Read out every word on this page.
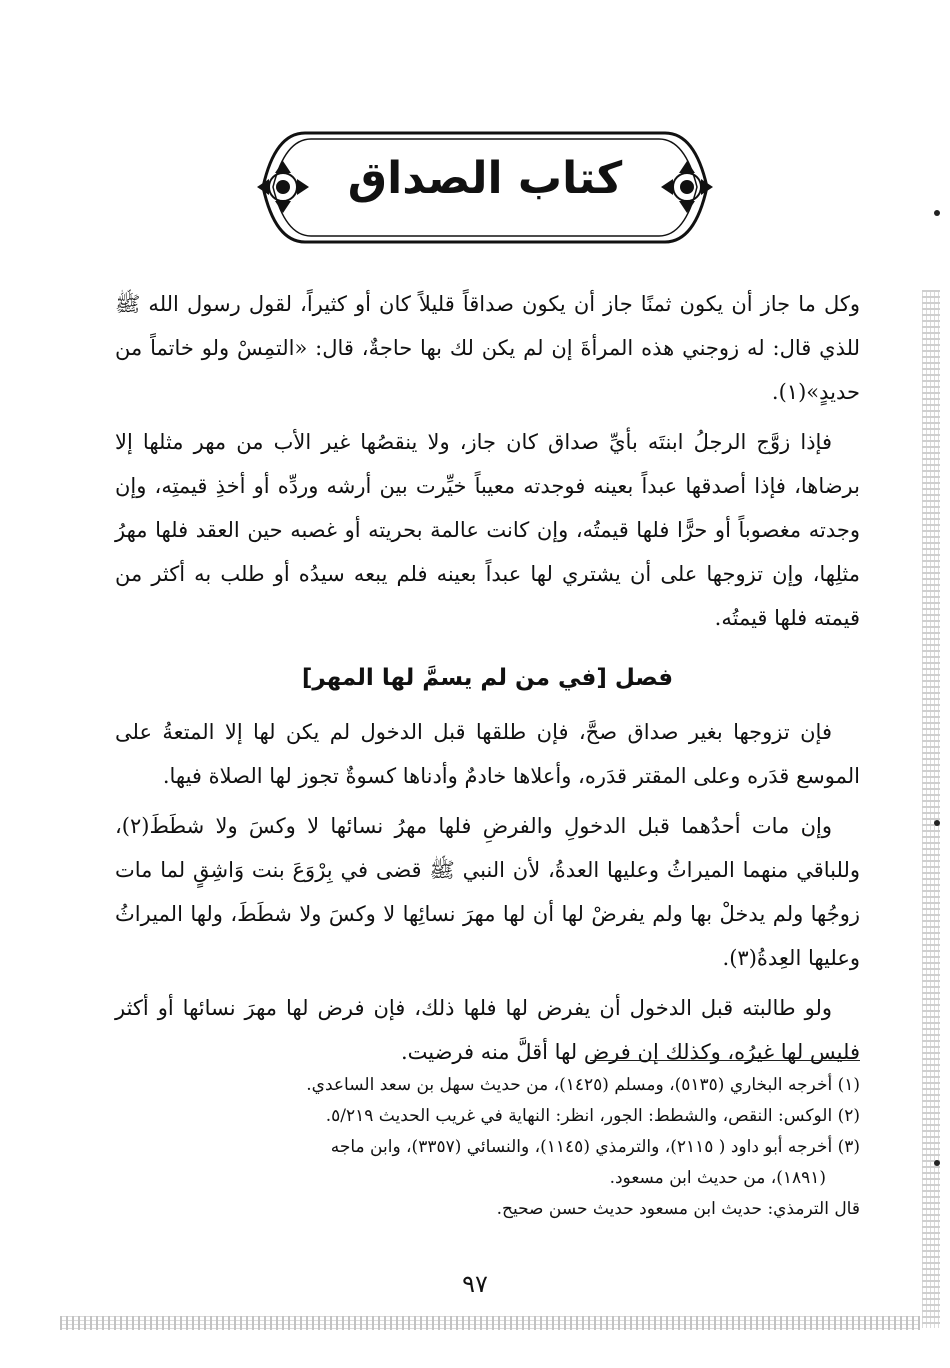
كتاب الصداق

وكل ما جاز أن يكون ثمنًا جاز أن يكون صداقاً قليلاً كان أو كثيراً، لقول رسول الله ﷺ للذي قال: له زوجني هذه المرأةَ إن لم يكن لك بها حاجةٌ، قال: «التمِسْ ولو خاتماً من حديدٍ»(١).

فإذا زوَّج الرجلُ ابنتَه بأيِّ صداق كان جاز، ولا ينقصُها غير الأب من مهر مثلها إلا برضاها، فإذا أصدقها عبداً بعينه فوجدته معيباً خيِّرت بين أرشه وردِّه أو أخذِ قيمتِه، وإن وجدته مغصوباً أو حرًّا فلها قيمتُه، وإن كانت عالمة بحريته أو غصبه حين العقد فلها مهرُ مثلِها، وإن تزوجها على أن يشتري لها عبداً بعينه فلم يبعه سيدُه أو طلب به أكثر من قيمته فلها قيمتُه.

فصل [في من لم يسمَّ لها المهر]

فإن تزوجها بغير صداق صحَّ، فإن طلقها قبل الدخول لم يكن لها إلا المتعةُ على الموسع قدَره وعلى المقتر قدَره، وأعلاها خادمٌ وأدناها كسوةٌ تجوز لها الصلاة فيها.

وإن مات أحدُهما قبل الدخولِ والفرضِ فلها مهرُ نسائها لا وكسَ ولا شطَطَ(٢)، وللباقي منهما الميراثُ وعليها العدةُ، لأن النبي ﷺ قضى في بِرْوَعَ بنت وَاشِقٍ لما مات زوجُها ولم يدخلْ بها ولم يفرضْ لها أن لها مهرَ نسائِها لا وكسَ ولا شطَطَ، ولها الميراثُ وعليها العِدةُ(٣).

ولو طالبته قبل الدخول أن يفرض لها فلها ذلك، فإن فرض لها مهرَ نسائها أو أكثر فليس لها غيرُه، وكذلك إن فرض لها أقلَّ منه فرضيت.

(١) أخرجه البخاري (٥١٣٥)، ومسلم (١٤٢٥)، من حديث سهل بن سعد الساعدي.
(٢) الوكس: النقص، والشطط: الجور، انظر: النهاية في غريب الحديث ٥/٢١٩.
(٣) أخرجه أبو داود ( ٢١١٥)، والترمذي (١١٤٥)، والنسائي (٣٣٥٧)، وابن ماجه
(١٨٩١)، من حديث ابن مسعود.
قال الترمذي: حديث ابن مسعود حديث حسن صحيح.
٩٧
